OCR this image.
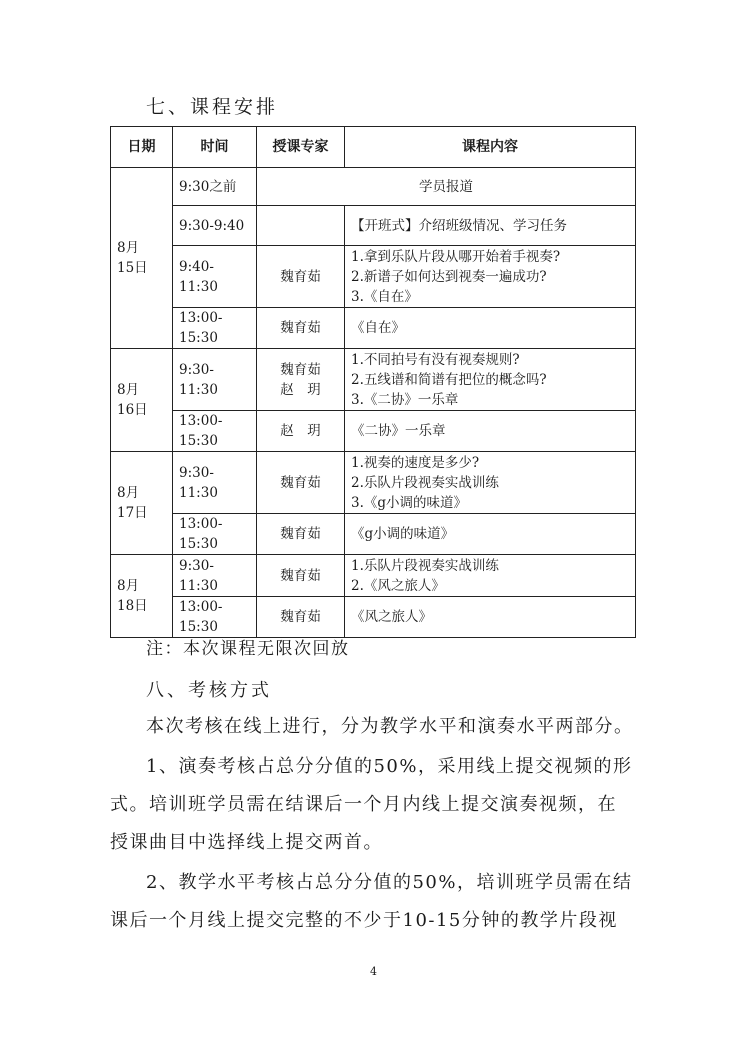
七、课程安排
日期	时间	授课专家	课程内容

8月
15日	9:30之前	学员报道	

	9:30-9:40		【开班式】介绍班级情况、学习任务

	9:40-
11:30	魏育茹	1.拿到乐队片段从哪开始着手视奏?
2.新谱子如何达到视奏一遍成功?
3.《自在》

	13:00-
15:30	魏育茹	《自在》

8月
16日	9:30-
11:30	魏育茹
赵　玥	1.不同拍号有没有视奏规则?
2.五线谱和简谱有把位的概念吗?
3.《二协》一乐章

	13:00-
15:30	赵　玥	《二协》一乐章

8月
17日	9:30-
11:30	魏育茹	1.视奏的速度是多少?
2.乐队片段视奏实战训练
3.《g小调的味道》

	13:00-
15:30	魏育茹	《g小调的味道》

8月
18日	9:30-
11:30	魏育茹	1.乐队片段视奏实战训练
2.《风之旅人》

	13:00-
15:30	魏育茹	《风之旅人》
注：本次课程无限次回放
八、考核方式
本次考核在线上进行，分为教学水平和演奏水平两部分。
1、演奏考核占总分分值的50%，采用线上提交视频的形
式。培训班学员需在结课后一个月内线上提交演奏视频，在
授课曲目中选择线上提交两首。
2、教学水平考核占总分分值的50%，培训班学员需在结
课后一个月线上提交完整的不少于10-15分钟的教学片段视
4
